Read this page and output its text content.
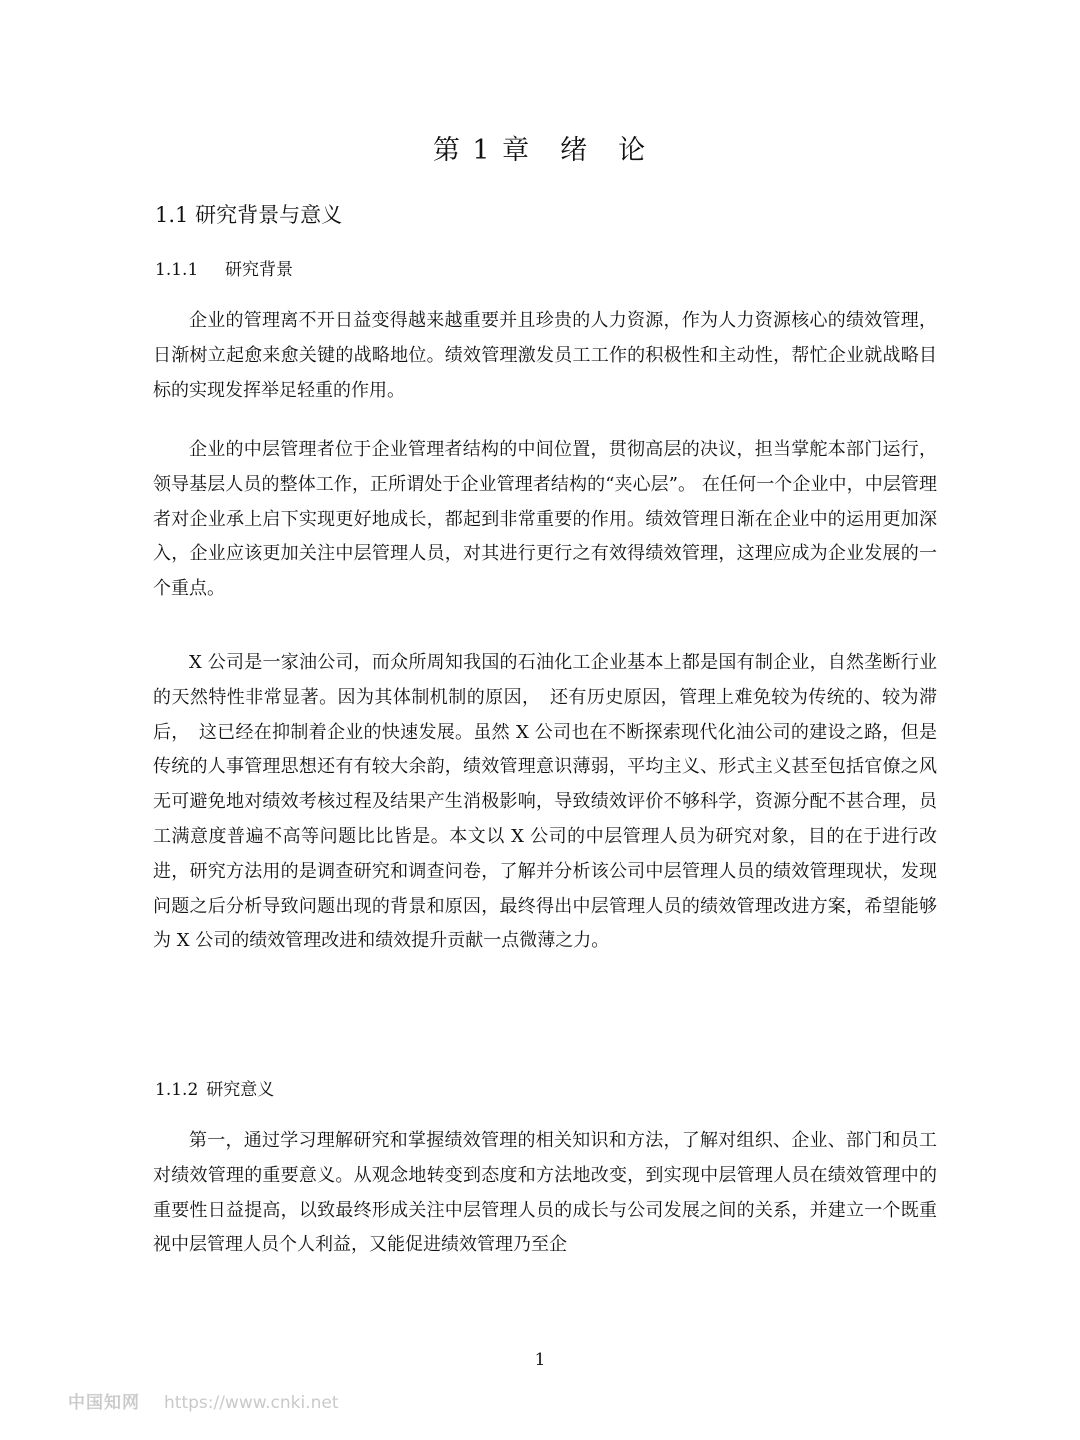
第 1 章　绪　论
1.1 研究背景与意义
1.1.1 研究背景

企业的管理离不开日益变得越来越重要并且珍贵的人力资源，作为人力资源核心的绩效管理，日渐树立起愈来愈关键的战略地位。绩效管理激发员工工作的积极性和主动性，帮忙企业就战略目标的实现发挥举足轻重的作用。

企业的中层管理者位于企业管理者结构的中间位置，贯彻高层的决议，担当掌舵本部门运行，领导基层人员的整体工作，正所谓处于企业管理者结构的“夹心层”。 在任何一个企业中，中层管理者对企业承上启下实现更好地成长，都起到非常重要的作用。绩效管理日渐在企业中的运用更加深入，企业应该更加关注中层管理人员，对其进行更行之有效得绩效管理，这理应成为企业发展的一个重点。

X 公司是一家油公司，而众所周知我国的石油化工企业基本上都是国有制企业，自然垄断行业的天然特性非常显著。因为其体制机制的原因，　还有历史原因，管理上难免较为传统的、较为滞后，　这已经在抑制着企业的快速发展。虽然 X 公司也在不断探索现代化油公司的建设之路，但是传统的人事管理思想还有有较大余韵，绩效管理意识薄弱，平均主义、形式主义甚至包括官僚之风无可避免地对绩效考核过程及结果产生消极影响，导致绩效评价不够科学，资源分配不甚合理，员工满意度普遍不高等问题比比皆是。本文以 X 公司的中层管理人员为研究对象，目的在于进行改进，研究方法用的是调查研究和调查问卷，了解并分析该公司中层管理人员的绩效管理现状，发现问题之后分析导致问题出现的背景和原因，最终得出中层管理人员的绩效管理改进方案，希望能够为 X 公司的绩效管理改进和绩效提升贡献一点微薄之力。

1.1.2 研究意义

第一，通过学习理解研究和掌握绩效管理的相关知识和方法，了解对组织、企业、部门和员工对绩效管理的重要意义。从观念地转变到态度和方法地改变，到实现中层管理人员在绩效管理中的重要性日益提高，以致最终形成关注中层管理人员的成长与公司发展之间的关系，并建立一个既重视中层管理人员个人利益，又能促进绩效管理乃至企

1
中国知网 https://www.cnki.net
